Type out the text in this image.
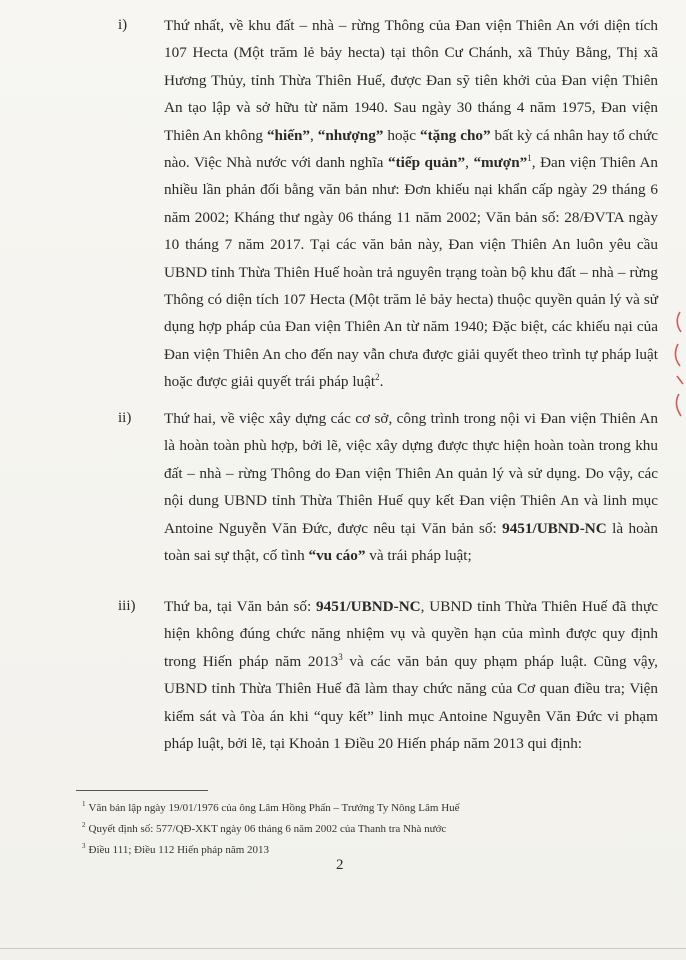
i) Thứ nhất, về khu đất – nhà – rừng Thông của Đan viện Thiên An với diện tích 107 Hecta (Một trăm lẻ bảy hecta) tại thôn Cư Chánh, xã Thủy Bằng, Thị xã Hương Thủy, tỉnh Thừa Thiên Huế, được Đan sỹ tiên khởi của Đan viện Thiên An tạo lập và sở hữu từ năm 1940. Sau ngày 30 tháng 4 năm 1975, Đan viện Thiên An không “hiến”, “nhượng” hoặc “tặng cho” bất kỳ cá nhân hay tổ chức nào. Việc Nhà nước với danh nghĩa “tiếp quản”, “mượn”$^1$, Đan viện Thiên An nhiều lần phản đối bằng văn bản như: Đơn khiếu nại khẩn cấp ngày 29 tháng 6 năm 2002; Kháng thư ngày 06 tháng 11 năm 2002; Văn bản số: 28/ĐVTA ngày 10 tháng 7 năm 2017. Tại các văn bản này, Đan viện Thiên An luôn yêu cầu UBND tỉnh Thừa Thiên Huế hoàn trả nguyên trạng toàn bộ khu đất – nhà – rừng Thông có diện tích 107 Hecta (Một trăm lẻ bảy hecta) thuộc quyền quản lý và sử dụng hợp pháp của Đan viện Thiên An từ năm 1940; Đặc biệt, các khiếu nại của Đan viện Thiên An cho đến nay vẫn chưa được giải quyết theo trình tự pháp luật hoặc được giải quyết trái pháp luật$^2$.
ii) Thứ hai, về việc xây dựng các cơ sở, công trình trong nội vi Đan viện Thiên An là hoàn toàn phù hợp, bởi lẽ, việc xây dựng được thực hiện hoàn toàn trong khu đất – nhà – rừng Thông do Đan viện Thiên An quản lý và sử dụng. Do vậy, các nội dung UBND tỉnh Thừa Thiên Huế quy kết Đan viện Thiên An và linh mục Antoine Nguyễn Văn Đức, được nêu tại Văn bản số: 9451/UBND-NC là hoàn toàn sai sự thật, cố tình “vu cáo” và trái pháp luật;
iii) Thứ ba, tại Văn bản số: 9451/UBND-NC, UBND tỉnh Thừa Thiên Huế đã thực hiện không đúng chức năng nhiệm vụ và quyền hạn của mình được quy định trong Hiến pháp năm 2013$^3$ và các văn bản quy phạm pháp luật. Cũng vậy, UBND tỉnh Thừa Thiên Huế đã làm thay chức năng của Cơ quan điều tra; Viện kiểm sát và Tòa án khi “quy kết” linh mục Antoine Nguyễn Văn Đức vi phạm pháp luật, bởi lẽ, tại Khoản 1 Điều 20 Hiến pháp năm 2013 qui định:
$^1$ Văn bản lập ngày 19/01/1976 của ông Lâm Hồng Phấn – Trưởng Ty Nông Lâm Huế
$^2$ Quyết định số: 577/QĐ-XKT ngày 06 tháng 6 năm 2002 của Thanh tra Nhà nước
$^3$ Điều 111; Điều 112 Hiến pháp năm 2013
2
